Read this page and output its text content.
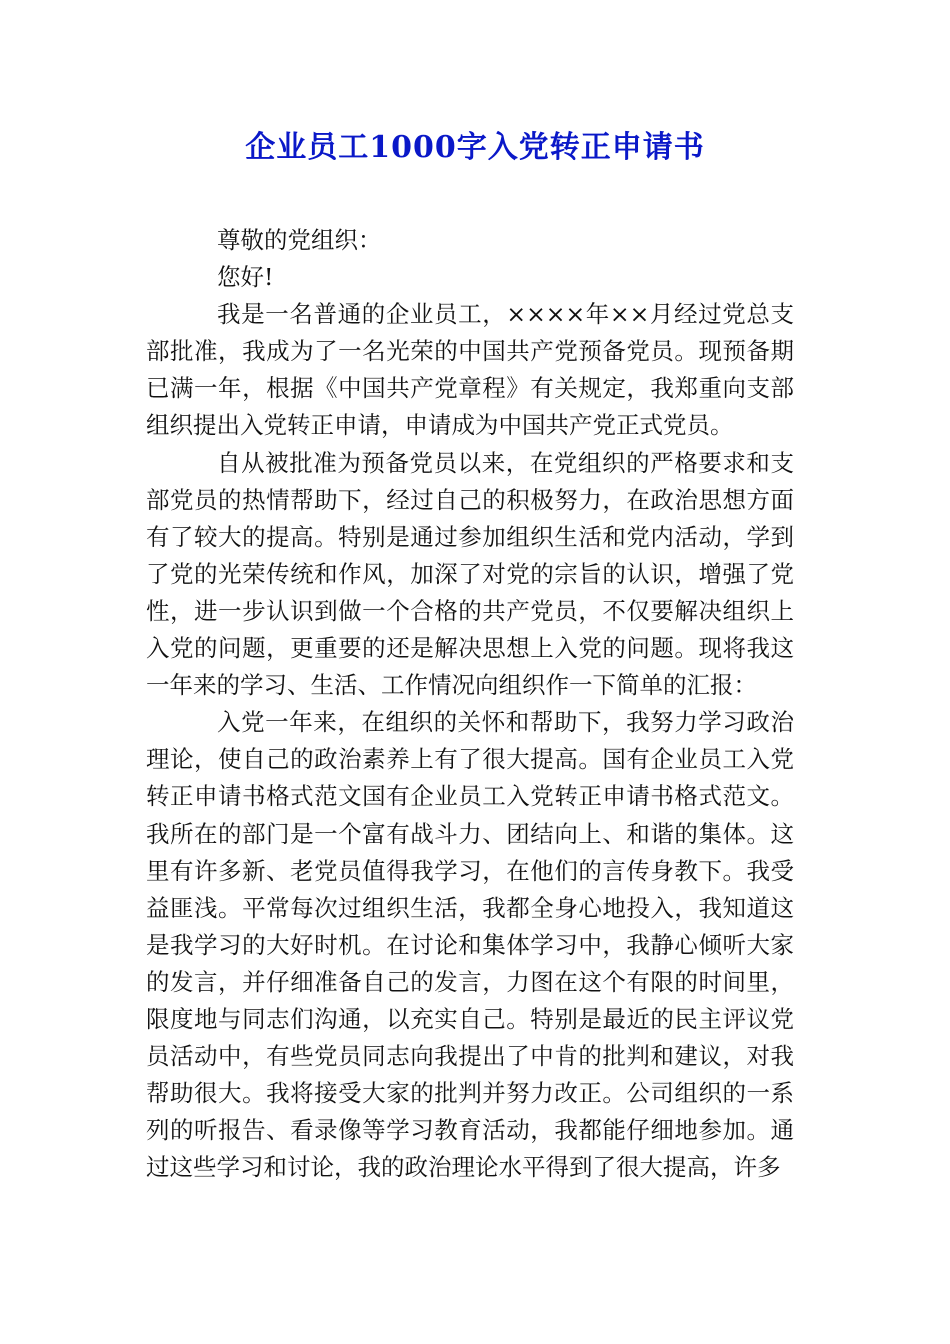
企业员工1000字入党转正申请书

尊敬的党组织：

您好!

我是一名普通的企业员工，××××年××月经过党总支部批准，我成为了一名光荣的中国共产党预备党员。现预备期已满一年，根据《中国共产党章程》有关规定，我郑重向支部组织提出入党转正申请，申请成为中国共产党正式党员。

自从被批准为预备党员以来，在党组织的严格要求和支部党员的热情帮助下，经过自己的积极努力，在政治思想方面有了较大的提高。特别是通过参加组织生活和党内活动，学到了党的光荣传统和作风，加深了对党的宗旨的认识，增强了党性，进一步认识到做一个合格的共产党员，不仅要解决组织上入党的问题，更重要的还是解决思想上入党的问题。现将我这一年来的学习、生活、工作情况向组织作一下简单的汇报：

入党一年来，在组织的关怀和帮助下，我努力学习政治理论，使自己的政治素养上有了很大提高。国有企业员工入党转正申请书格式范文国有企业员工入党转正申请书格式范文。我所在的部门是一个富有战斗力、团结向上、和谐的集体。这里有许多新、老党员值得我学习，在他们的言传身教下。我受益匪浅。平常每次过组织生活，我都全身心地投入，我知道这是我学习的大好时机。在讨论和集体学习中，我静心倾听大家的发言，并仔细准备自己的发言，力图在这个有限的时间里，限度地与同志们沟通，以充实自己。特别是最近的民主评议党员活动中，有些党员同志向我提出了中肯的批判和建议，对我帮助很大。我将接受大家的批判并努力改正。公司组织的一系列的听报告、看录像等学习教育活动，我都能仔细地参加。通过这些学习和讨论，我的政治理论水平得到了很大提高，许多
